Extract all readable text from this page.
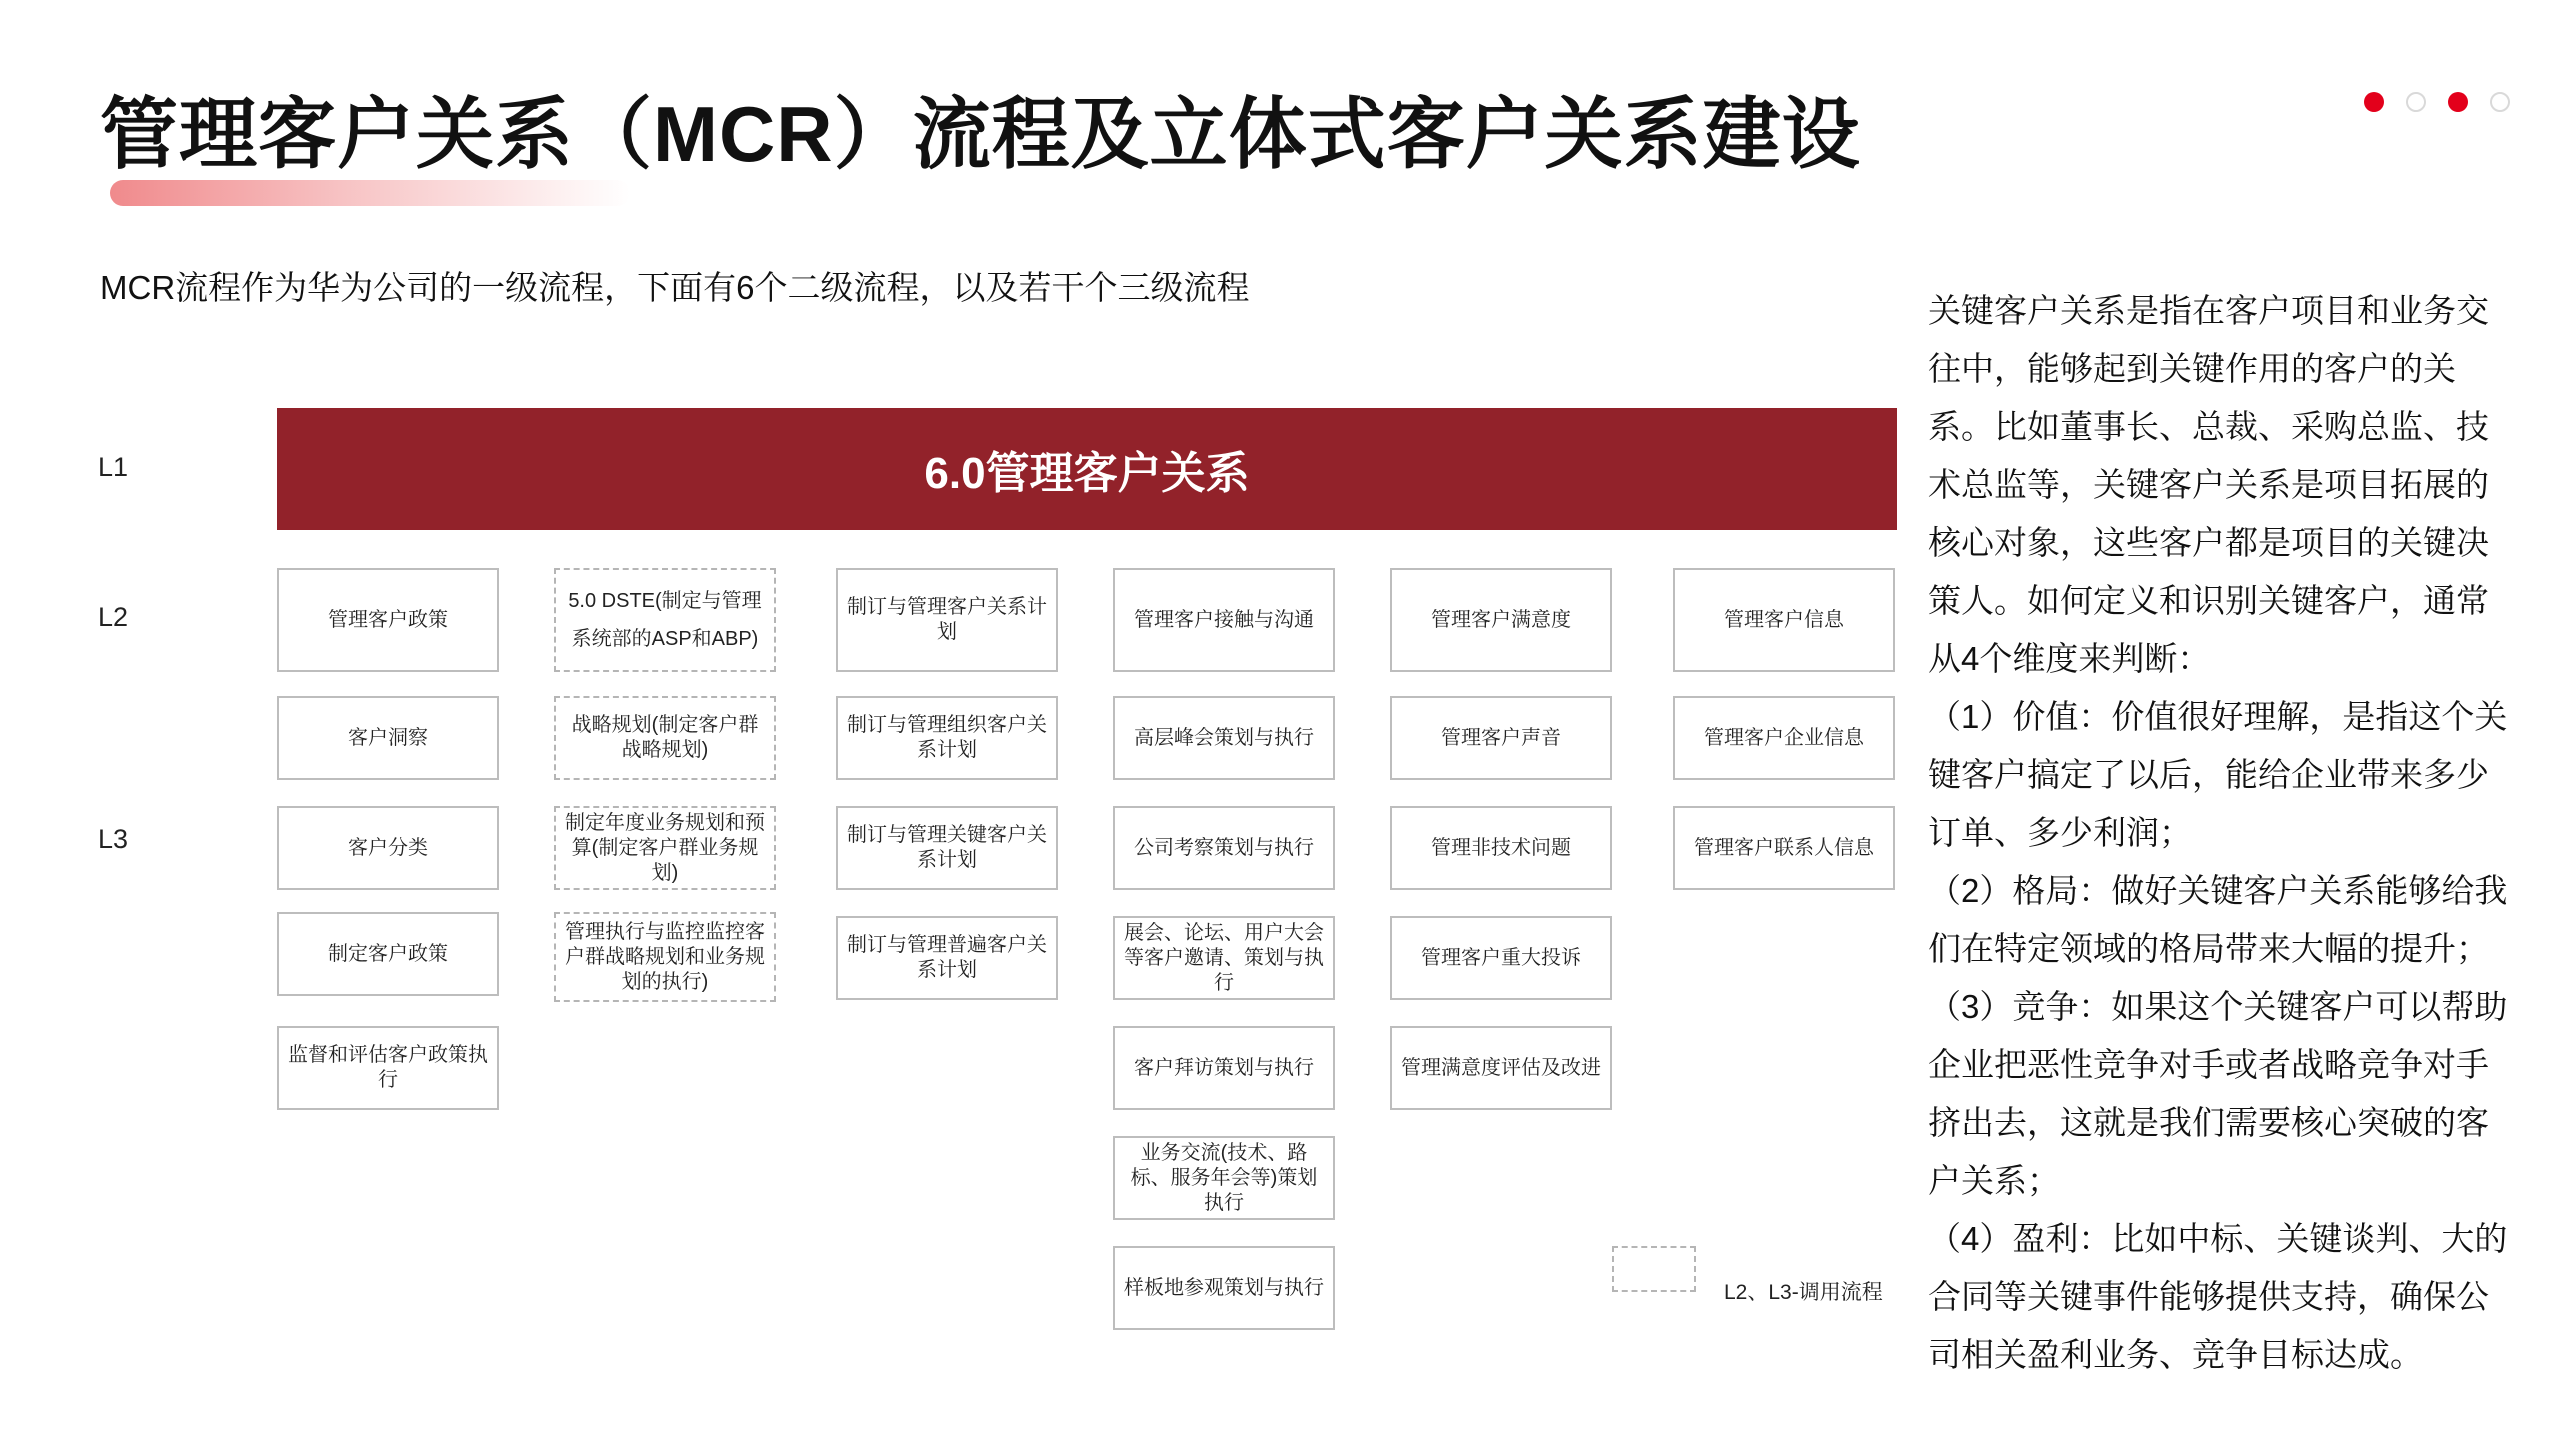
管理客户关系（MCR）流程及立体式客户关系建设
MCR流程作为华为公司的一级流程，下面有6个二级流程，以及若干个三级流程
L1
L2
L3
6.0管理客户关系
管理客户政策
客户洞察
客户分类
制定客户政策
监督和评估客户政策执行
5.0 DSTE(制定与管理系统部的ASP和ABP)
战略规划(制定客户群战略规划)
制定年度业务规划和预算(制定客户群业务规划)
管理执行与监控监控客户群战略规划和业务规划的执行)
制订与管理客户关系计划
制订与管理组织客户关系计划
制订与管理关键客户关系计划
制订与管理普遍客户关系计划
管理客户接触与沟通
高层峰会策划与执行
公司考察策划与执行
展会、论坛、用户大会等客户邀请、策划与执行
客户拜访策划与执行
业务交流(技术、路标、服务年会等)策划执行
样板地参观策划与执行
管理客户满意度
管理客户声音
管理非技术问题
管理客户重大投诉
管理满意度评估及改进
管理客户信息
管理客户企业信息
管理客户联系人信息
L2、L3-调用流程

关键客户关系是指在客户项目和业务交往中，能够起到关键作用的客户的关系。比如董事长、总裁、采购总监、技术总监等，关键客户关系是项目拓展的核心对象，这些客户都是项目的关键决策人。如何定义和识别关键客户，通常从4个维度来判断：

（1）价值：价值很好理解，是指这个关键客户搞定了以后，能给企业带来多少订单、多少利润；

（2）格局：做好关键客户关系能够给我们在特定领域的格局带来大幅的提升；

（3）竞争：如果这个关键客户可以帮助企业把恶性竞争对手或者战略竞争对手挤出去，这就是我们需要核心突破的客户关系；

（4）盈利：比如中标、关键谈判、大的合同等关键事件能够提供支持，确保公司相关盈利业务、竞争目标达成。
